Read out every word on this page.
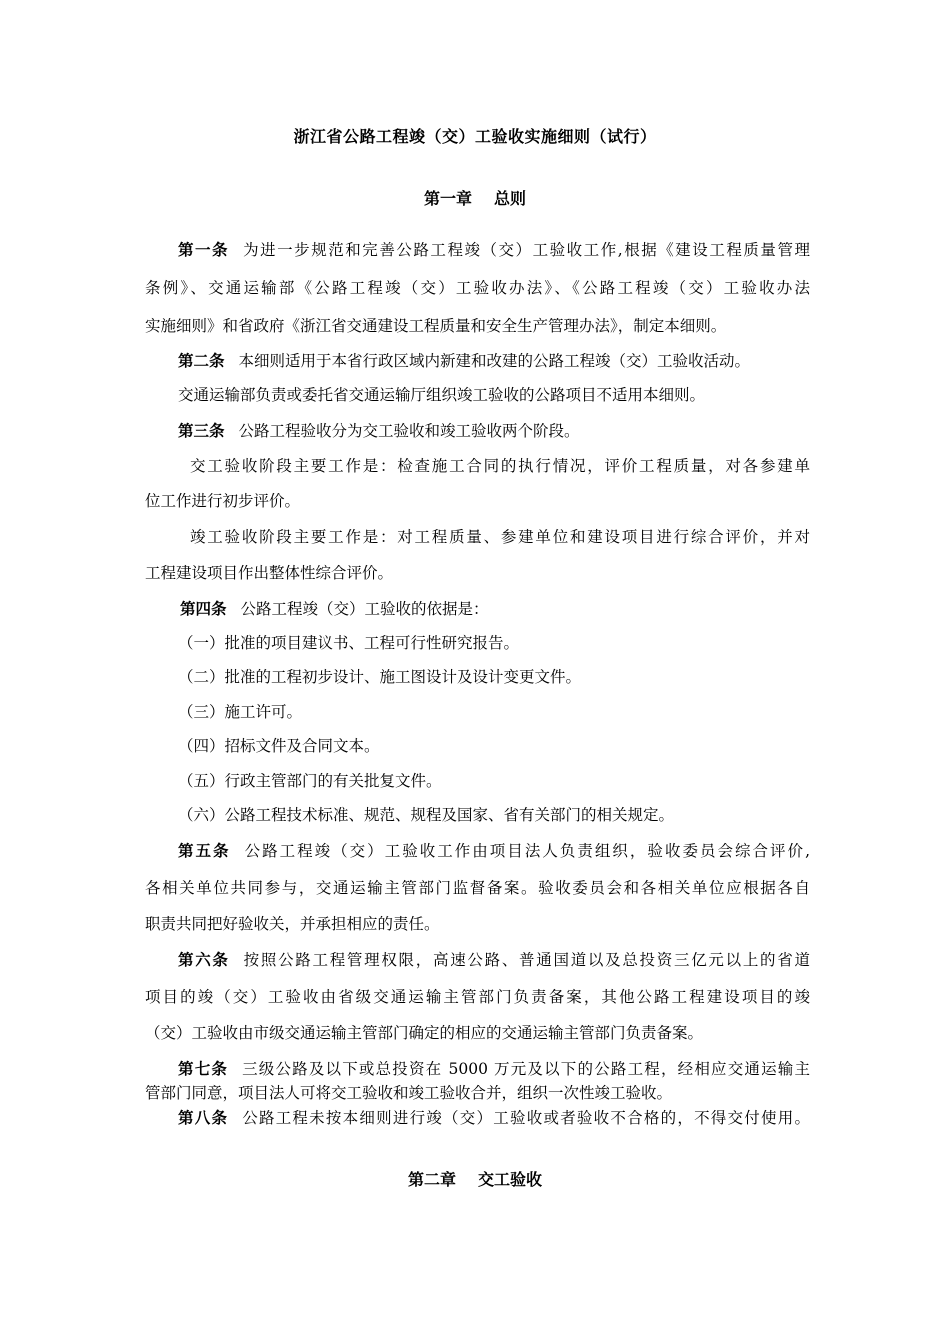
浙江省公路工程竣（交）工验收实施细则（试行）
第一章 总则
第一条 为进一步规范和完善公路工程竣（交）工验收工作,根据《建设工程质量管理
条例》、交通运输部《公路工程竣（交）工验收办法》、《公路工程竣（交）工验收办法
实施细则》和省政府《浙江省交通建设工程质量和安全生产管理办法》，制定本细则。
第二条 本细则适用于本省行政区域内新建和改建的公路工程竣（交）工验收活动。
交通运输部负责或委托省交通运输厅组织竣工验收的公路项目不适用本细则。
第三条 公路工程验收分为交工验收和竣工验收两个阶段。
交工验收阶段主要工作是：检查施工合同的执行情况，评价工程质量，对各参建单
位工作进行初步评价。
竣工验收阶段主要工作是：对工程质量、参建单位和建设项目进行综合评价，并对
工程建设项目作出整体性综合评价。
第四条 公路工程竣（交）工验收的依据是：
（一）批准的项目建议书、工程可行性研究报告。
（二）批准的工程初步设计、施工图设计及设计变更文件。
（三）施工许可。
（四）招标文件及合同文本。
（五）行政主管部门的有关批复文件。
（六）公路工程技术标准、规范、规程及国家、省有关部门的相关规定。
第五条 公路工程竣（交）工验收工作由项目法人负责组织，验收委员会综合评价,
各相关单位共同参与，交通运输主管部门监督备案。验收委员会和各相关单位应根据各自
职责共同把好验收关，并承担相应的责任。
第六条 按照公路工程管理权限，高速公路、普通国道以及总投资三亿元以上的省道
项目的竣（交）工验收由省级交通运输主管部门负责备案，其他公路工程建设项目的竣
（交）工验收由市级交通运输主管部门确定的相应的交通运输主管部门负责备案。
第七条 三级公路及以下或总投资在 5000 万元及以下的公路工程，经相应交通运输主
管部门同意，项目法人可将交工验收和竣工验收合并，组织一次性竣工验收。
第八条 公路工程未按本细则进行竣（交）工验收或者验收不合格的，不得交付使用。
第二章 交工验收
